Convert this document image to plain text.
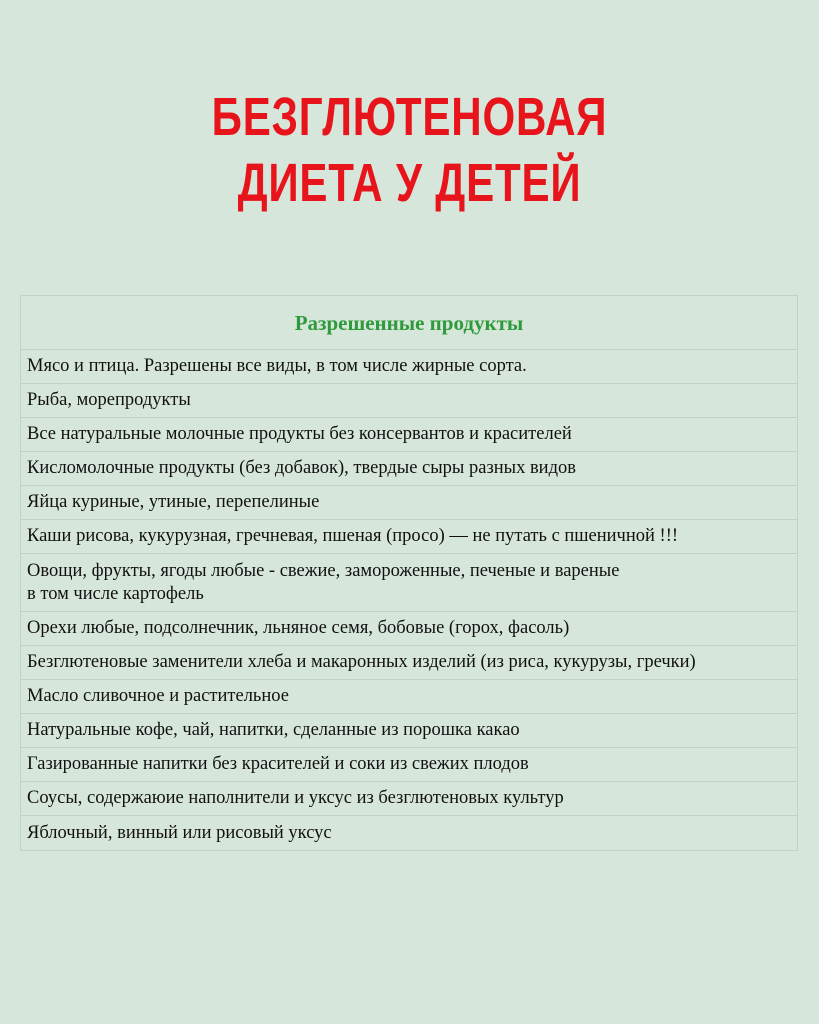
БЕЗГЛЮТЕНОВАЯ
ДИЕТА У ДЕТЕЙ
Разрешенные продукты
Мясо и птица. Разрешены все виды, в том числе жирные сорта.
Рыба, морепродукты
Все натуральные молочные продукты без консервантов и красителей
Кисломолочные продукты (без добавок), твердые сыры разных видов
Яйца куриные, утиные, перепелиные
Каши рисова, кукурузная, гречневая, пшеная (просо) — не путать с пшеничной !!!
Овощи, фрукты, ягоды любые - свежие, замороженные, печеные и вареные
в том числе картофель
Орехи любые, подсолнечник, льняное семя, бобовые (горох, фасоль)
Безглютеновые заменители хлеба и макаронных изделий (из риса, кукурузы, гречки)
Масло сливочное и растительное
Натуральные кофе, чай, напитки, сделанные из порошка какао
Газированные напитки без красителей и соки из свежих плодов
Соусы, содержаюие наполнители и уксус из безглютеновых культур
Яблочный, винный или рисовый уксус
